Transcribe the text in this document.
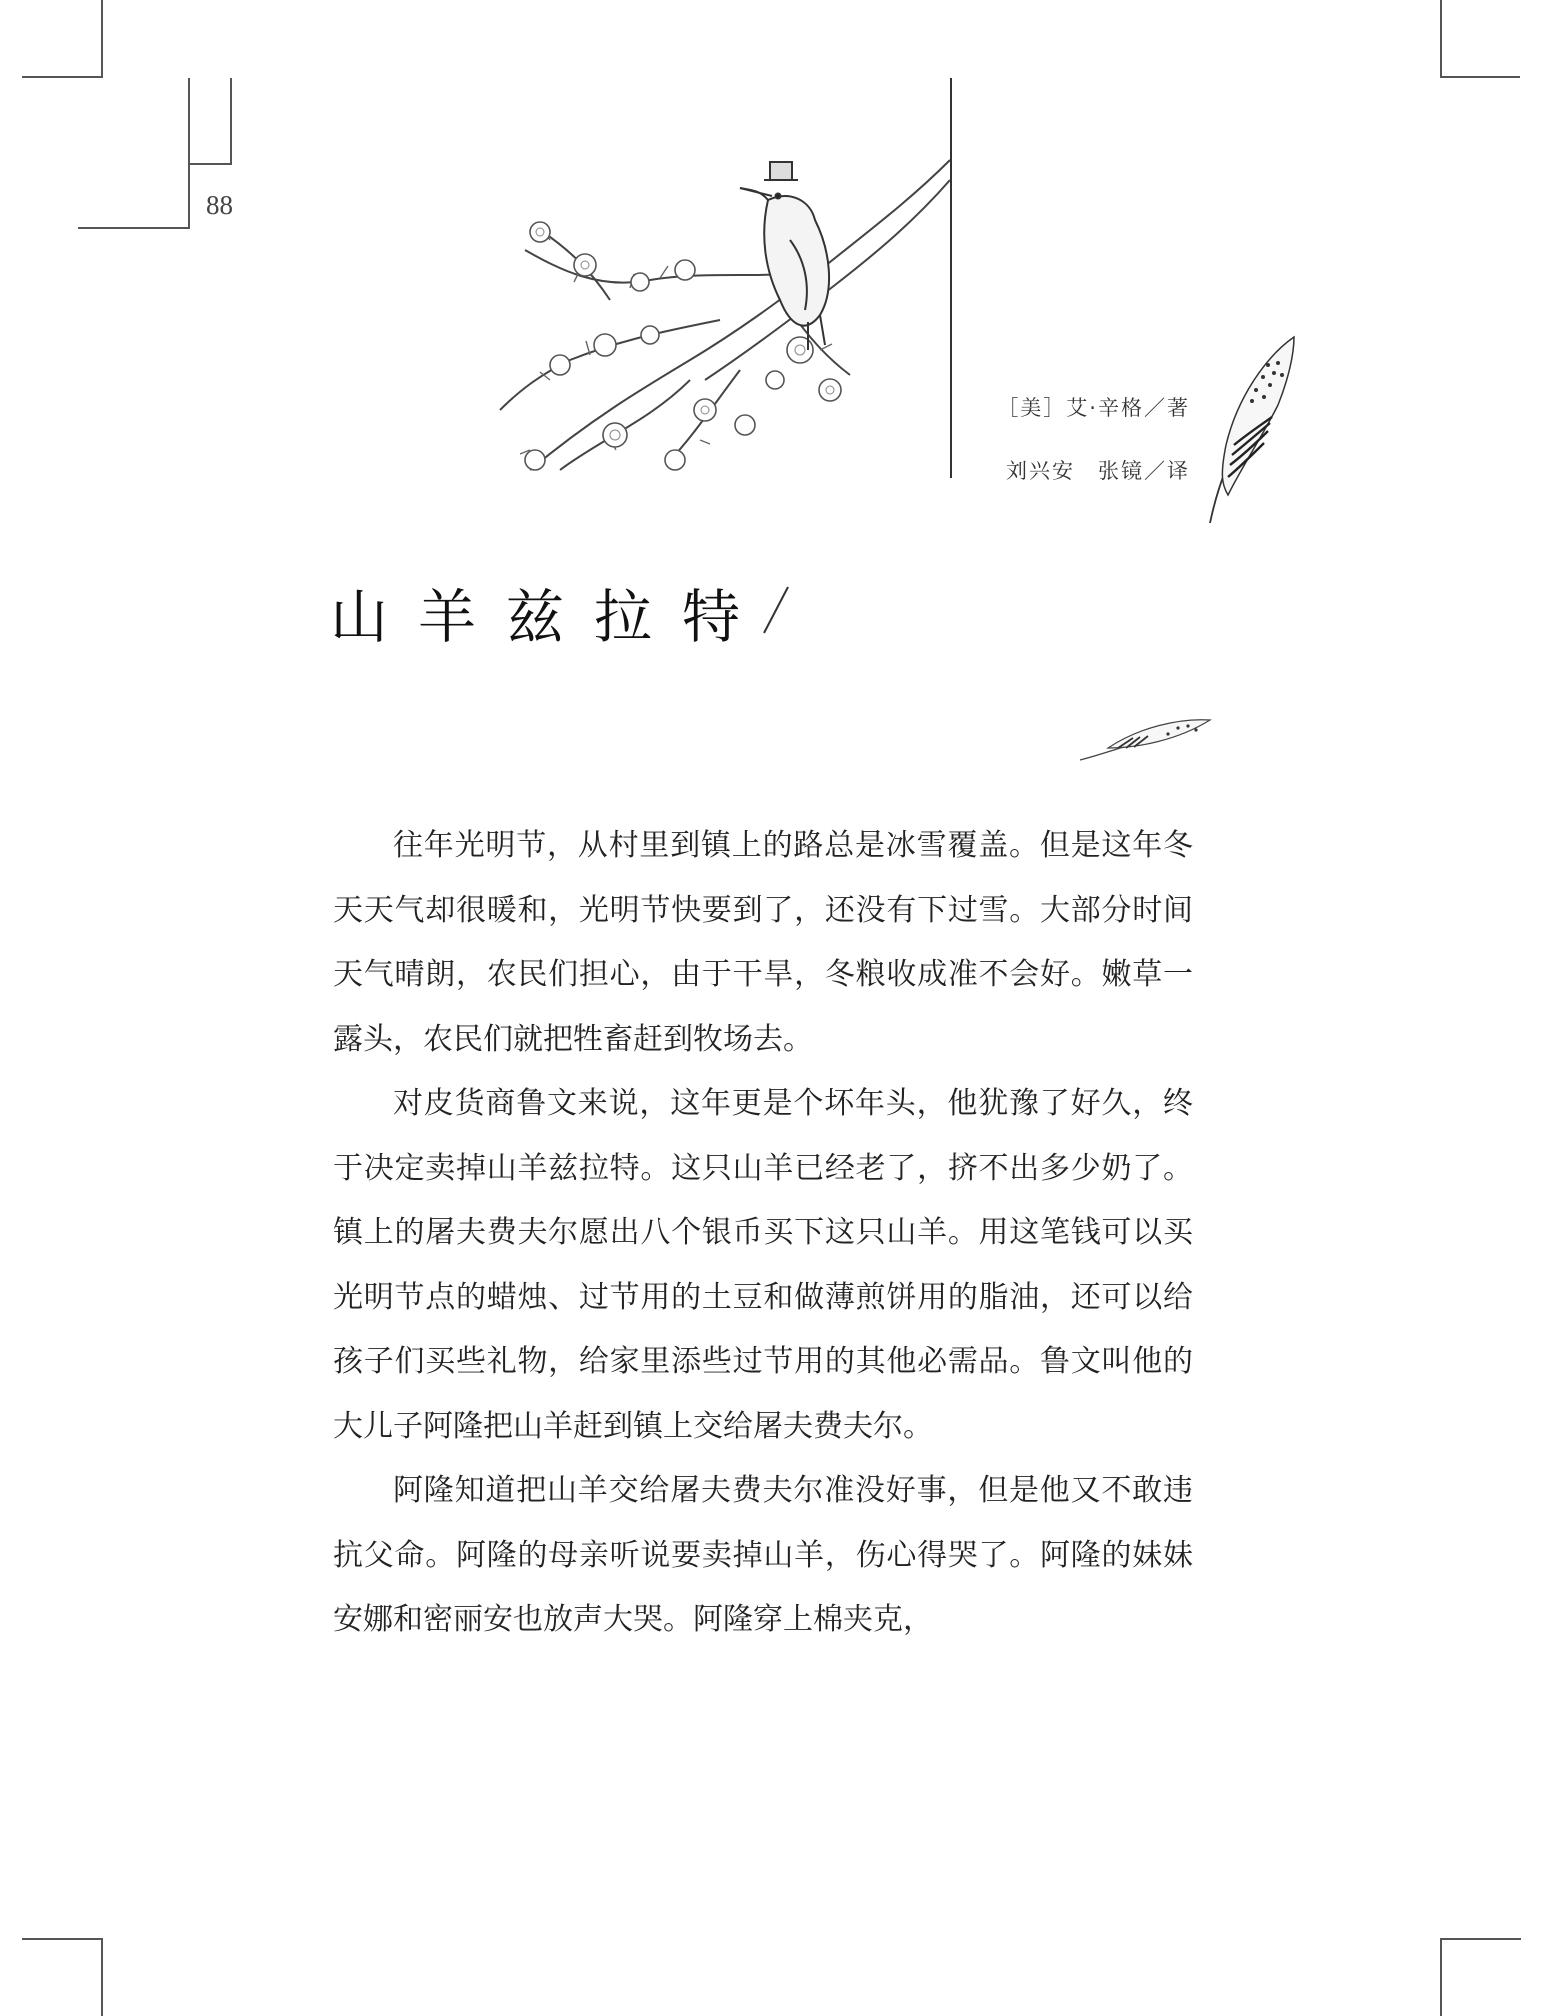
88
［美］艾·辛格／著
刘兴安　张镜／译
山羊兹拉特

往年光明节，从村里到镇上的路总是冰雪覆盖。但是这年冬天天气却很暖和，光明节快要到了，还没有下过雪。大部分时间天气晴朗，农民们担心，由于干旱，冬粮收成准不会好。嫩草一露头，农民们就把牲畜赶到牧场去。

对皮货商鲁文来说，这年更是个坏年头，他犹豫了好久，终于决定卖掉山羊兹拉特。这只山羊已经老了，挤不出多少奶了。镇上的屠夫费夫尔愿出八个银币买下这只山羊。用这笔钱可以买光明节点的蜡烛、过节用的土豆和做薄煎饼用的脂油，还可以给孩子们买些礼物，给家里添些过节用的其他必需品。鲁文叫他的大儿子阿隆把山羊赶到镇上交给屠夫费夫尔。

阿隆知道把山羊交给屠夫费夫尔准没好事，但是他又不敢违抗父命。阿隆的母亲听说要卖掉山羊，伤心得哭了。阿隆的妹妹安娜和密丽安也放声大哭。阿隆穿上棉夹克，
